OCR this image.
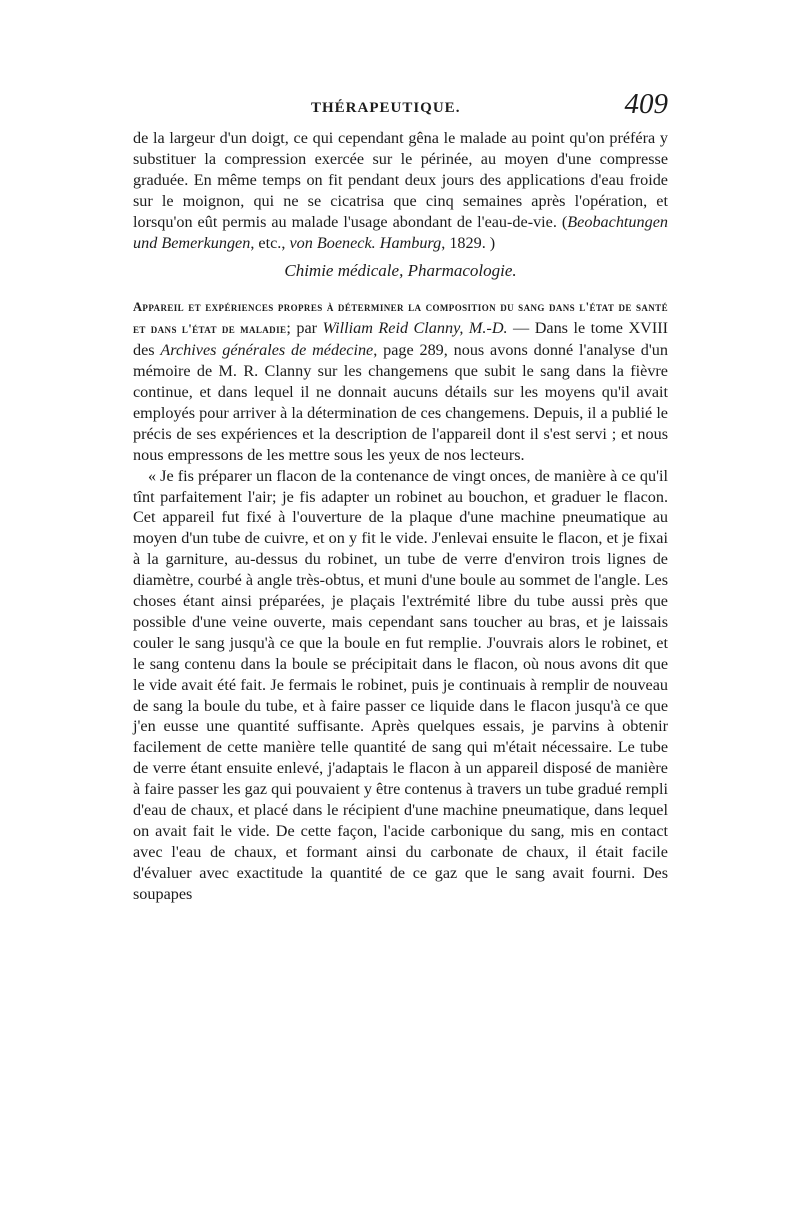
THÉRAPEUTIQUE.	409

de la largeur d'un doigt, ce qui cependant gêna le malade au point qu'on préféra y substituer la compression exercée sur le périnée, au moyen d'une compresse graduée. En même temps on fit pendant deux jours des applications d'eau froide sur le moignon, qui ne se cicatrisa que cinq semaines après l'opération, et lorsqu'on eût permis au malade l'usage abondant de l'eau-de-vie. (Beobachtungen und Bemerkungen, etc., von Boeneck. Hamburg, 1829. )

Chimie médicale, Pharmacologie.

Appareil et expériences propres à déterminer la composition du sang dans l'état de santé et dans l'état de maladie; par William Reid Clanny, M.-D. — Dans le tome XVIII des Archives générales de médecine, page 289, nous avons donné l'analyse d'un mémoire de M. R. Clanny sur les changemens que subit le sang dans la fièvre continue, et dans lequel il ne donnait aucuns détails sur les moyens qu'il avait employés pour arriver à la détermination de ces changemens. Depuis, il a publié le précis de ses expériences et la description de l'appareil dont il s'est servi ; et nous nous empressons de les mettre sous les yeux de nos lecteurs.

« Je fis préparer un flacon de la contenance de vingt onces, de manière à ce qu'il tînt parfaitement l'air; je fis adapter un robinet au bouchon, et graduer le flacon. Cet appareil fut fixé à l'ouverture de la plaque d'une machine pneumatique au moyen d'un tube de cuivre, et on y fit le vide. J'enlevai ensuite le flacon, et je fixai à la garniture, au-dessus du robinet, un tube de verre d'environ trois lignes de diamètre, courbé à angle très-obtus, et muni d'une boule au sommet de l'angle. Les choses étant ainsi préparées, je plaçais l'extrémité libre du tube aussi près que possible d'une veine ouverte, mais cependant sans toucher au bras, et je laissais couler le sang jusqu'à ce que la boule en fut remplie. J'ouvrais alors le robinet, et le sang contenu dans la boule se précipitait dans le flacon, où nous avons dit que le vide avait été fait. Je fermais le robinet, puis je continuais à remplir de nouveau de sang la boule du tube, et à faire passer ce liquide dans le flacon jusqu'à ce que j'en eusse une quantité suffisante. Après quelques essais, je parvins à obtenir facilement de cette manière telle quantité de sang qui m'était nécessaire. Le tube de verre étant ensuite enlevé, j'adaptais le flacon à un appareil disposé de manière à faire passer les gaz qui pouvaient y être contenus à travers un tube gradué rempli d'eau de chaux, et placé dans le récipient d'une machine pneumatique, dans lequel on avait fait le vide. De cette façon, l'acide carbonique du sang, mis en contact avec l'eau de chaux, et formant ainsi du carbonate de chaux, il était facile d'évaluer avec exactitude la quantité de ce gaz que le sang avait fourni. Des soupapes
